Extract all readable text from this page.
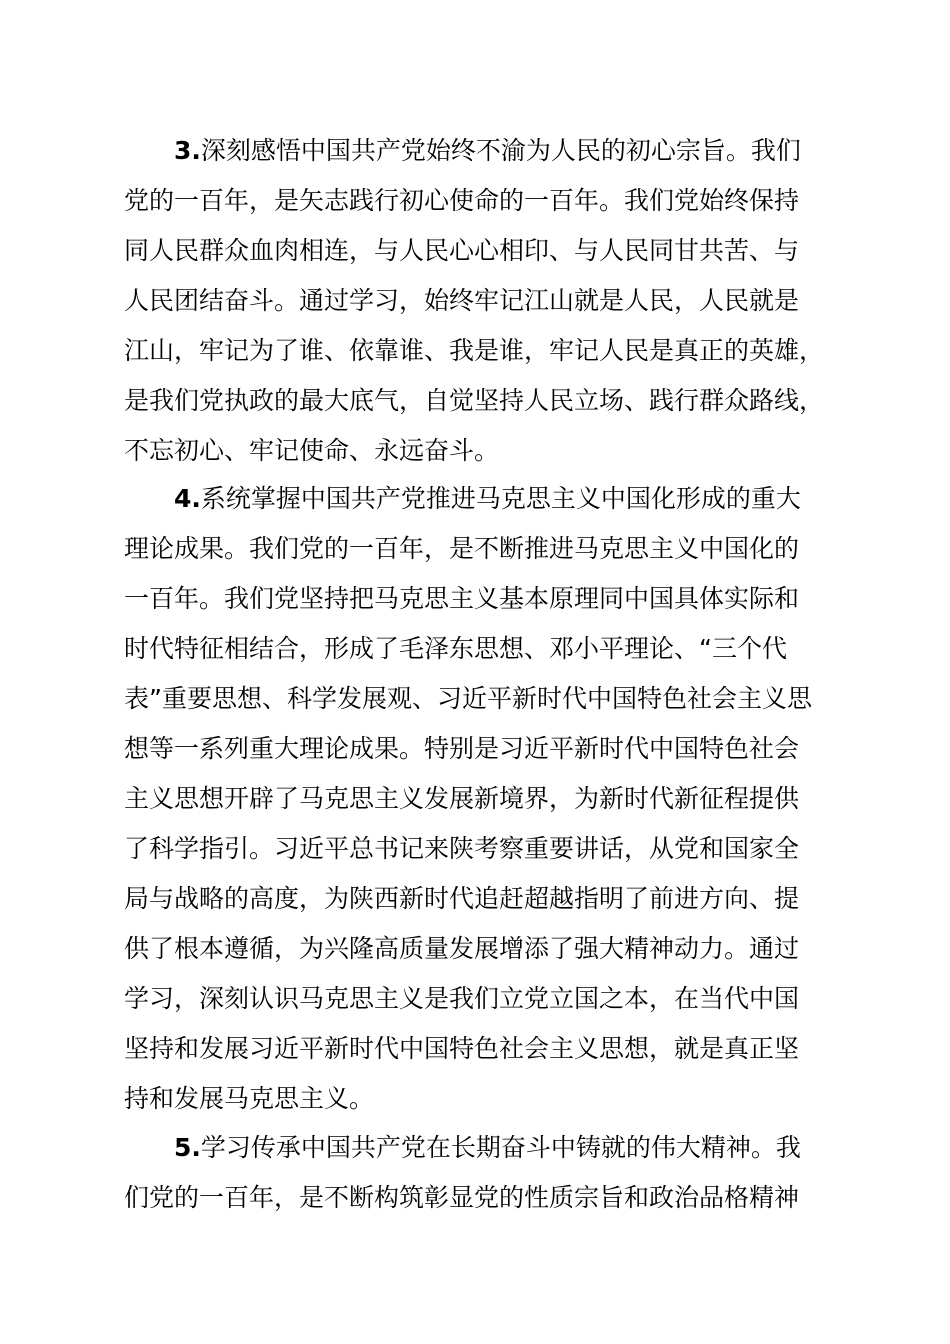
3.深刻感悟中国共产党始终不渝为人民的初心宗旨。我们
党的一百年，是矢志践行初心使命的一百年。我们党始终保持
同人民群众血肉相连，与人民心心相印、与人民同甘共苦、与
人民团结奋斗。通过学习，始终牢记江山就是人民，人民就是
江山，牢记为了谁、依靠谁、我是谁，牢记人民是真正的英雄，
是我们党执政的最大底气，自觉坚持人民立场、践行群众路线，
不忘初心、牢记使命、永远奋斗。
4.系统掌握中国共产党推进马克思主义中国化形成的重大
理论成果。我们党的一百年，是不断推进马克思主义中国化的
一百年。我们党坚持把马克思主义基本原理同中国具体实际和
时代特征相结合，形成了毛泽东思想、邓小平理论、“三个代
表”重要思想、科学发展观、习近平新时代中国特色社会主义思
想等一系列重大理论成果。特别是习近平新时代中国特色社会
主义思想开辟了马克思主义发展新境界，为新时代新征程提供
了科学指引。习近平总书记来陕考察重要讲话，从党和国家全
局与战略的高度，为陕西新时代追赶超越指明了前进方向、提
供了根本遵循，为兴隆高质量发展增添了强大精神动力。通过
学习，深刻认识马克思主义是我们立党立国之本，在当代中国
坚持和发展习近平新时代中国特色社会主义思想，就是真正坚
持和发展马克思主义。
5.学习传承中国共产党在长期奋斗中铸就的伟大精神。我
们党的一百年，是不断构筑彰显党的性质宗旨和政治品格精神
